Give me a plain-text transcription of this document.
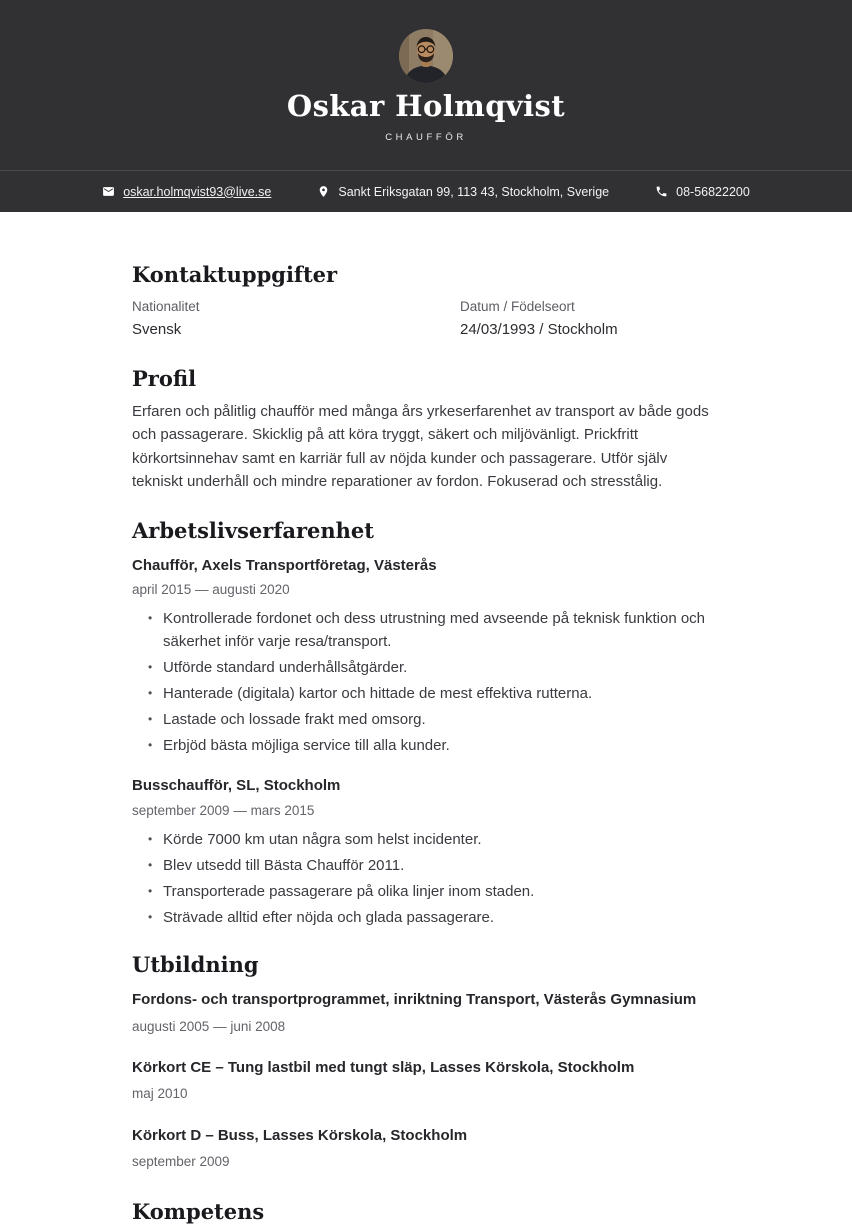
Oskar Holmqvist
CHAUFFÖR
oskar.holmqvist93@live.se	Sankt Eriksgatan 99, 113 43, Stockholm, Sverige	08-56822200
Kontaktuppgifter
Nationalitet
Svensk
Datum / Födelseort
24/03/1993 / Stockholm
Profil

Erfaren och pålitlig chaufför med många års yrkeserfarenhet av transport av både gods och passagerare. Skicklig på att köra tryggt, säkert och miljövänligt. Prickfritt körkortsinnehav samt en karriär full av nöjda kunder och passagerare. Utför själv tekniskt underhåll och mindre reparationer av fordon. Fokuserad och stresstålig.

Arbetslivserfarenhet
Chaufför, Axels Transportföretag, Västerås
april 2015 — augusti 2020
• Kontrollerade fordonet och dess utrustning med avseende på teknisk funktion och säkerhet inför varje resa/transport.
• Utförde standard underhållsåtgärder.
• Hanterade (digitala) kartor och hittade de mest effektiva rutterna.
• Lastade och lossade frakt med omsorg.
• Erbjöd bästa möjliga service till alla kunder.
Busschaufför, SL, Stockholm
september 2009 — mars 2015
• Körde 7000 km utan några som helst incidenter.
• Blev utsedd till Bästa Chaufför 2011.
• Transporterade passagerare på olika linjer inom staden.
• Strävade alltid efter nöjda och glada passagerare.
Utbildning
Fordons- och transportprogrammet, inriktning Transport, Västerås Gymnasium
augusti 2005 — juni 2008
Körkort CE – Tung lastbil med tungt släp, Lasses Körskola, Stockholm
maj 2010
Körkort D – Buss, Lasses Körskola, Stockholm
september 2009
Kompetens
